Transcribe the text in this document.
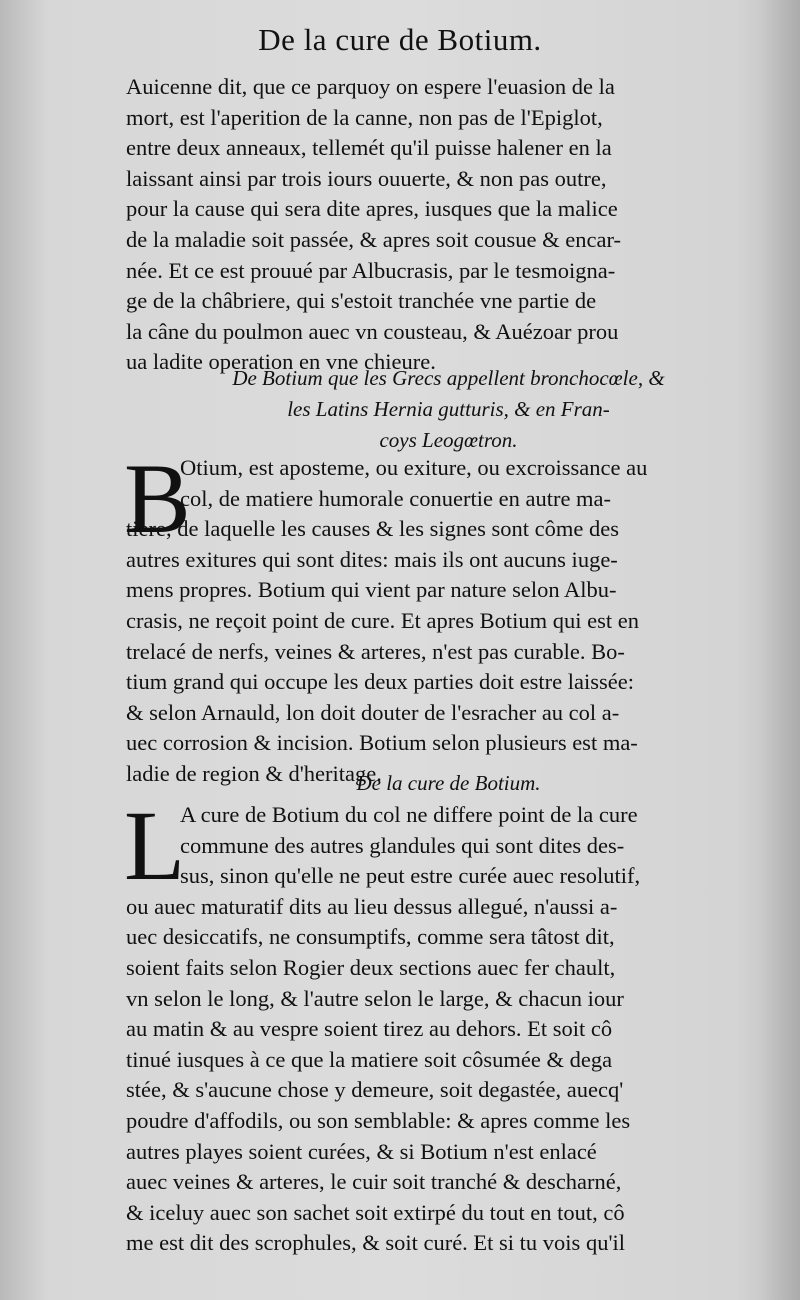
De la cure de Botium.
Auicenne dit, que ce parquoy on espere l'euasion de la
mort, est l'aperition de la canne, non pas de l'Epiglot,
entre deux anneaux, tellemét qu'il puisse halener en la
laissant ainsi par trois iours ouuerte, & non pas outre,
pour la cause qui sera dite apres, iusques que la malice
de la maladie soit passée, & apres soit cousue & encar-
née. Et ce est prouué par Albucrasis, par le tesmoigna-
ge de la châbriere, qui s'estoit tranchée vne partie de
la câne du poulmon auec vn cousteau, & Auézoar prou
ua ladite operation en vne chieure.
De Botium que les Grecs appellent bronchocœle, &
les Latins Hernia gutturis, & en Fran-
coys Leogœtron.
B
Otium, est aposteme, ou exiture, ou excroissance au
col, de matiere humorale conuertie en autre ma-
tiere, de laquelle les causes & les signes sont côme des
autres exitures qui sont dites: mais ils ont aucuns iuge-
mens propres. Botium qui vient par nature selon Albu-
crasis, ne reçoit point de cure. Et apres Botium qui est en
trelacé de nerfs, veines & arteres, n'est pas curable. Bo-
tium grand qui occupe les deux parties doit estre laissée:
& selon Arnauld, lon doit douter de l'esracher au col a-
uec corrosion & incision. Botium selon plusieurs est ma-
ladie de region & d'heritage.
De la cure de Botium.
L
A cure de Botium du col ne differe point de la cure
commune des autres glandules qui sont dites des-
sus, sinon qu'elle ne peut estre curée auec resolutif,
ou auec maturatif dits au lieu dessus allegué, n'aussi a-
uec desiccatifs, ne consumptifs, comme sera tâtost dit,
soient faits selon Rogier deux sections auec fer chault,
vn selon le long, & l'autre selon le large, & chacun iour
au matin & au vespre soient tirez au dehors. Et soit cô
tinué iusques à ce que la matiere soit côsumée & dega
stée, & s'aucune chose y demeure, soit degastée, auecq'
poudre d'affodils, ou son semblable: & apres comme les
autres playes soient curées, & si Botium n'est enlacé
auec veines & arteres, le cuir soit tranché & descharné,
& iceluy auec son sachet soit extirpé du tout en tout, cô
me est dit des scrophules, & soit curé. Et si tu vois qu'il
